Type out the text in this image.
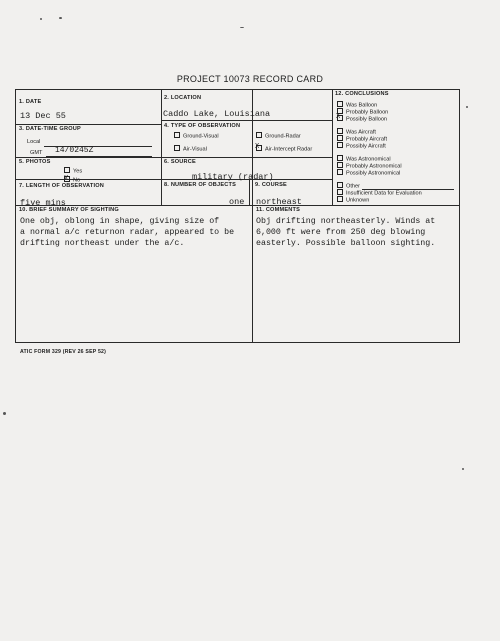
PROJECT 10073 RECORD CARD
1. DATE
13 Dec 55
2. LOCATION
Caddo Lake, Louisiana
3. DATE-TIME GROUP
Local
GMT 14/0245Z
4. TYPE OF OBSERVATION
Ground-Visual	Ground-Radar
Air-Visual	Air-Intercept Radar
X
5. PHOTOS
Yes
No
X
6. SOURCE
military (radar)
7. LENGTH OF OBSERVATION
five mins
8. NUMBER OF OBJECTS
one
9. COURSE
northeast
10. BRIEF SUMMARY OF SIGHTING
One obj, oblong in shape, giving size of
a normal a/c returnon radar, appeared to be
drifting northeast under the a/c.
11. COMMENTS
Obj drifting northeasterly. Winds at
6,000 ft were from 250 deg blowing
easterly. Possible balloon sighting.
12. CONCLUSIONS
Was Balloon
Probably Balloon
Possibly Balloon
X
Was Aircraft
Probably Aircraft
Possibly Aircraft
Was Astronomical
Probably Astronomical
Possibly Astronomical
Other
Insufficient Data for Evaluation
Unknown
ATIC FORM 329 (REV 26 SEP 52)
